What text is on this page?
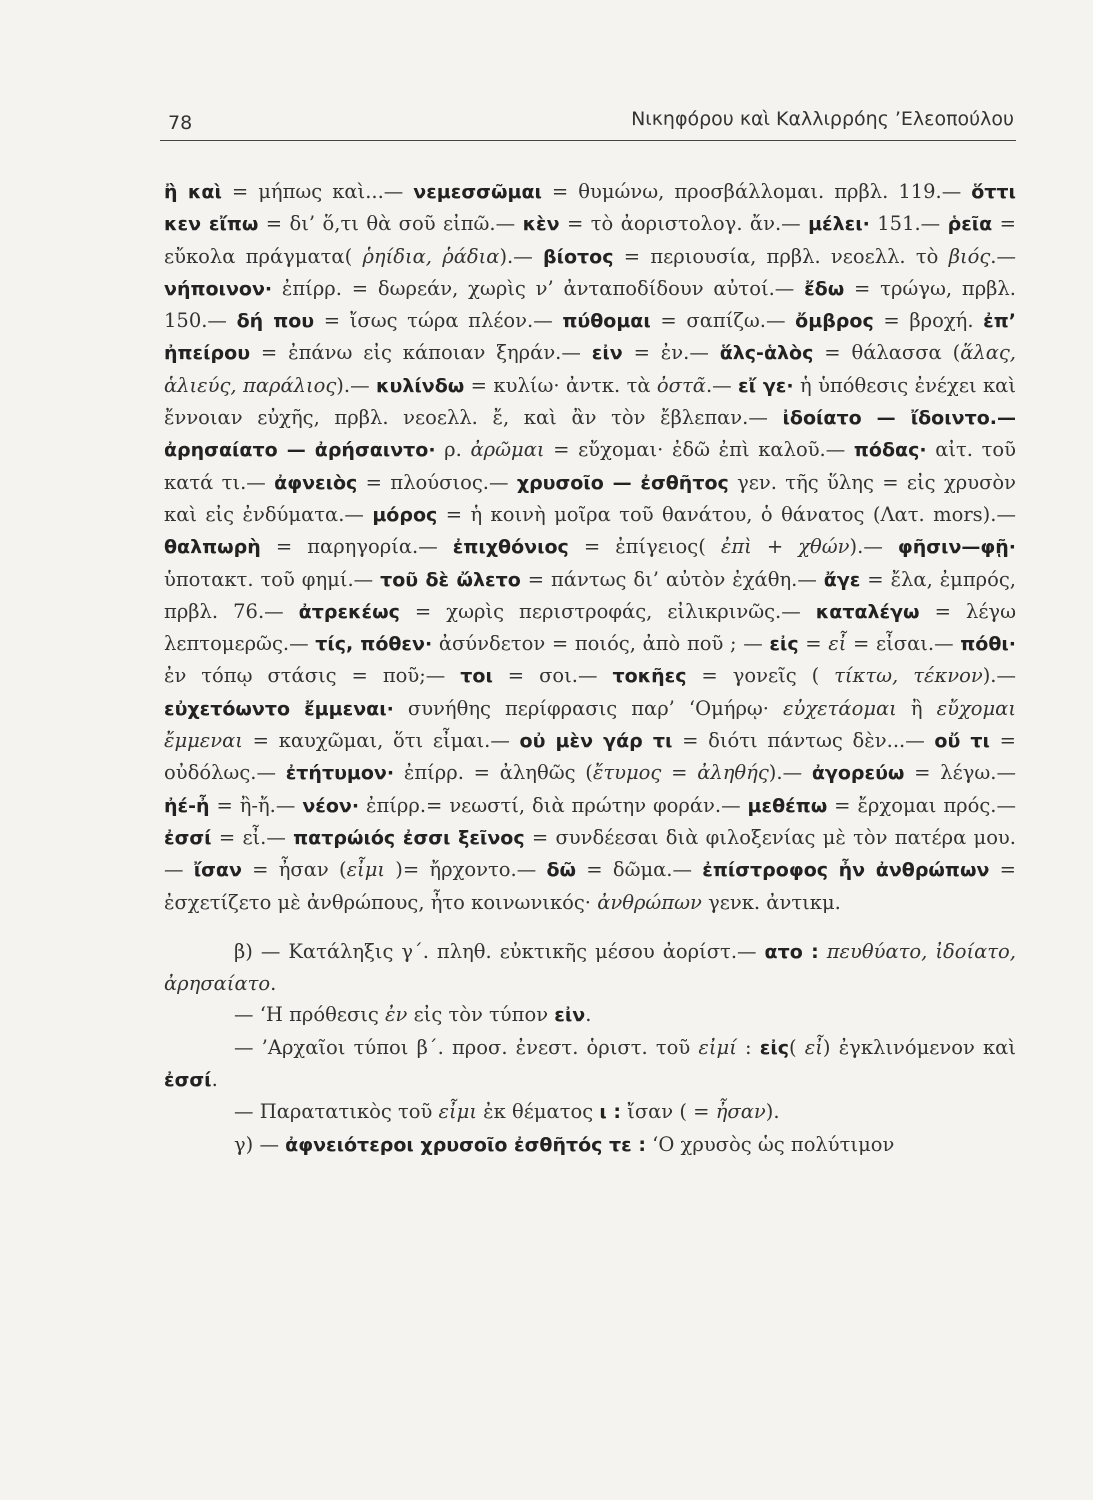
78	Νικηφόρου καὶ Καλλιρρόης ’Ελεοπούλου

ἢ καὶ = μήπως καὶ...— νεμεσσῶμαι = θυμώνω, προσβάλλομαι. πρβλ. 119.— ὅττι κεν εἴπω = δι’ ὅ,τι θὰ σοῦ εἰπῶ.— κὲν = τὸ ἀοριστολογ. ἄν.— μέλει· 151.— ῥεῖα = εὔκολα πράγματα( ῥηίδια, ῥάδια).— βίοτος = περιουσία, πρβλ. νεοελλ. τὸ βιός.— νήποινον· ἐπίρρ. = δωρεάν, χωρὶς ν’ ἀνταποδίδουν αὐτοί.— ἔδω = τρώγω, πρβλ. 150.— δή που = ἴσως τώρα πλέον.— πύθομαι = σαπίζω.— ὄμβρος = βροχή. ἐπ’ ἠπείρου = ἐπάνω εἰς κάποιαν ξηράν.— εἰν = ἐν.— ἅλς-ἁλὸς = θάλασσα (ἅλας, ἁλιεύς, παράλιος).— κυλίνδω = κυλίω· ἀντκ. τὰ ὀστᾶ.— εἴ γε· ἡ ὑπόθεσις ἐνέχει καὶ ἔννοιαν εὐχῆς, πρβλ. νεοελλ. ἔ, καὶ ἂν τὸν ἔβλεπαν.— ἰδοίατο — ἴδοιντο.— ἀρησαίατο — ἀρήσαιντο· ρ. ἀρῶμαι = εὔχομαι· ἐδῶ ἐπὶ καλοῦ.— πόδας· αἰτ. τοῦ κατά τι.— ἀφνειὸς = πλούσιος.— χρυσοῖο — ἐσθῆτος γεν. τῆς ὕλης = εἰς χρυσὸν καὶ εἰς ἐνδύματα.— μόρος = ἡ κοινὴ μοῖρα τοῦ θανάτου, ὁ θάνατος (Λατ. mors).— θαλπωρὴ = παρηγορία.— ἐπιχθόνιος = ἐπίγειος( ἐπὶ + χθών).— φῆσιν—φῇ· ὑποτακτ. τοῦ φημί.— τοῦ δὲ ὤλετο = πάντως δι’ αὐτὸν ἐχάθη.— ἄγε = ἔλα, ἐμπρός, πρβλ. 76.— ἀτρεκέως = χωρὶς περιστροφάς, εἰλικρινῶς.— καταλέγω = λέγω λεπτομερῶς.— τίς, πόθεν· ἀσύνδετον = ποιός, ἀπὸ ποῦ ; — εἰς = εἶ = εἶσαι.— πόθι· ἐν τόπῳ στάσις = ποῦ;— τοι = σοι.— τοκῆες = γονεῖς ( τίκτω, τέκνον).— εὐχετόωντο ἔμμεναι· συνήθης περίφρασις παρ’ ‘Ομήρῳ· εὐχετάομαι ἢ εὔχομαι ἔμμεναι = καυχῶμαι, ὅτι εἶμαι.— οὐ μὲν γάρ τι = διότι πάντως δὲν...— οὔ τι = οὐδόλως.— ἐτήτυμον· ἐπίρρ. = ἀληθῶς (ἔτυμος = ἀληθής).— ἀγορεύω = λέγω.— ἠέ-ἦ = ἢ-ἤ.— νέον· ἐπίρρ.= νεωστί, διὰ πρώτην φοράν.— μεθέπω = ἔρχομαι πρός.— ἐσσί = εἶ.— πατρώιός ἐσσι ξεῖνος = συνδέεσαι διὰ φιλοξενίας μὲ τὸν πατέρα μου.— ἴσαν = ἦσαν (εἶμι )= ἤρχοντο.— δῶ = δῶμα.— ἐπίστροφος ἦν ἀνθρώπων = ἐσχετίζετο μὲ ἀνθρώπους, ἦτο κοινωνικός· ἀνθρώπων γενκ. ἀντικμ.

β) — Κατάληξις γ΄. πληθ. εὐκτικῆς μέσου ἀορίστ.— ατο : πευθύατο, ἰδοίατο, ἀρησαίατο.

— ‘Η πρόθεσις ἐν εἰς τὸν τύπον εἰν.

— ’Αρχαῖοι τύποι β΄. προσ. ἐνεστ. ὁριστ. τοῦ εἰμί : εἰς( εἶ) ἐγκλινόμενον καὶ ἐσσί.

— Παρατατικὸς τοῦ εἶμι ἐκ θέματος ι : ἴσαν ( = ἦσαν).

γ) — ἀφνειότεροι χρυσοῖο ἐσθῆτός τε : ‘Ο χρυσὸς ὡς πολύτιμον
